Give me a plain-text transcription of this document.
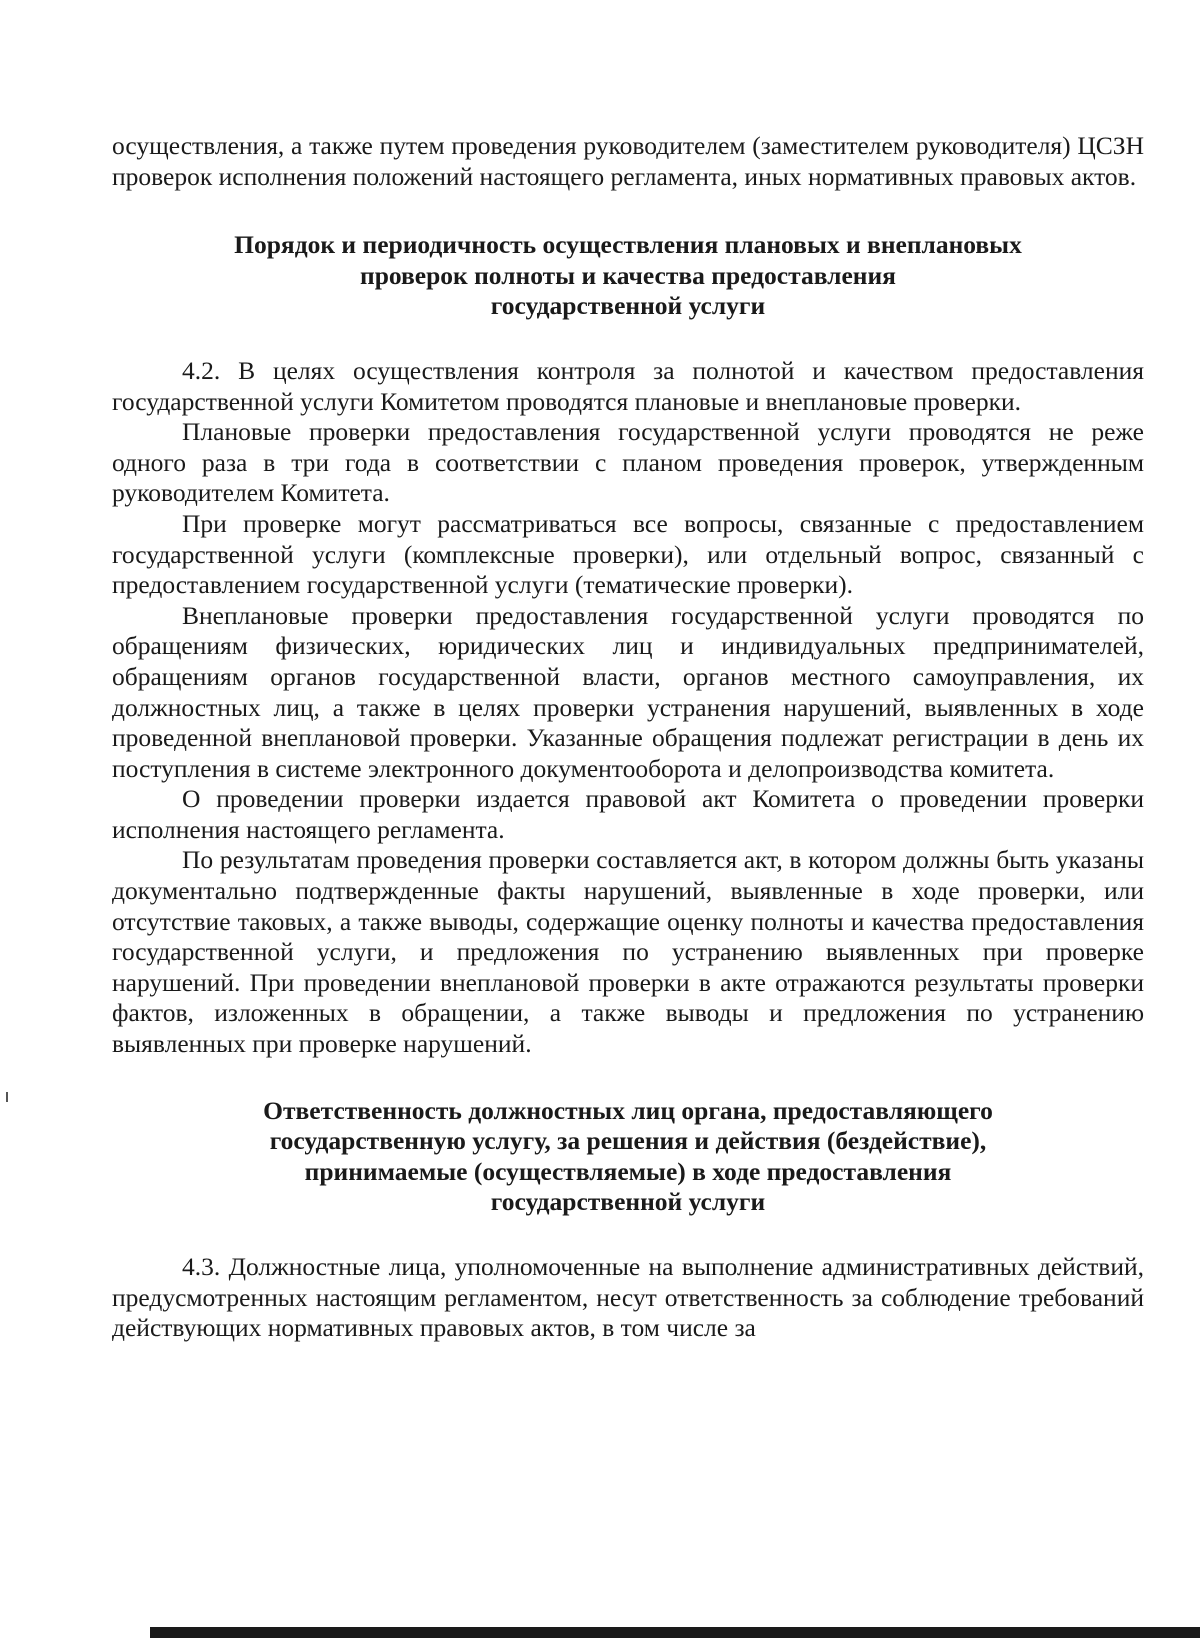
осуществления, а также путем проведения руководителем (заместителем руководителя) ЦСЗН проверок исполнения положений настоящего регламента, иных нормативных правовых актов.

Порядок и периодичность осуществления плановых и внеплановых

проверок полноты и качества предоставления

государственной услуги

4.2. В целях осуществления контроля за полнотой и качеством предоставления государственной услуги Комитетом проводятся плановые и внеплановые проверки.

Плановые проверки предоставления государственной услуги проводятся не реже одного раза в три года в соответствии с планом проведения проверок, утвержденным руководителем Комитета.

При проверке могут рассматриваться все вопросы, связанные с предоставлением государственной услуги (комплексные проверки), или отдельный вопрос, связанный с предоставлением государственной услуги (тематические проверки).

Внеплановые проверки предоставления государственной услуги проводятся по обращениям физических, юридических лиц и индивидуальных предпринимателей, обращениям органов государственной власти, органов местного самоуправления, их должностных лиц, а также в целях проверки устранения нарушений, выявленных в ходе проведенной внеплановой проверки. Указанные обращения подлежат регистрации в день их поступления в системе электронного документооборота и делопроизводства комитета.

О проведении проверки издается правовой акт Комитета о проведении проверки исполнения настоящего регламента.

По результатам проведения проверки составляется акт, в котором должны быть указаны документально подтвержденные факты нарушений, выявленные в ходе проверки, или отсутствие таковых, а также выводы, содержащие оценку полноты и качества предоставления государственной услуги, и предложения по устранению выявленных при проверке нарушений. При проведении внеплановой проверки в акте отражаются результаты проверки фактов, изложенных в обращении, а также выводы и предложения по устранению выявленных при проверке нарушений.

Ответственность должностных лиц органа, предоставляющего

государственную услугу, за решения и действия (бездействие),

принимаемые (осуществляемые) в ходе предоставления

государственной услуги

4.3. Должностные лица, уполномоченные на выполнение административных действий, предусмотренных настоящим регламентом, несут ответственность за соблюдение требований действующих нормативных правовых актов, в том числе за
